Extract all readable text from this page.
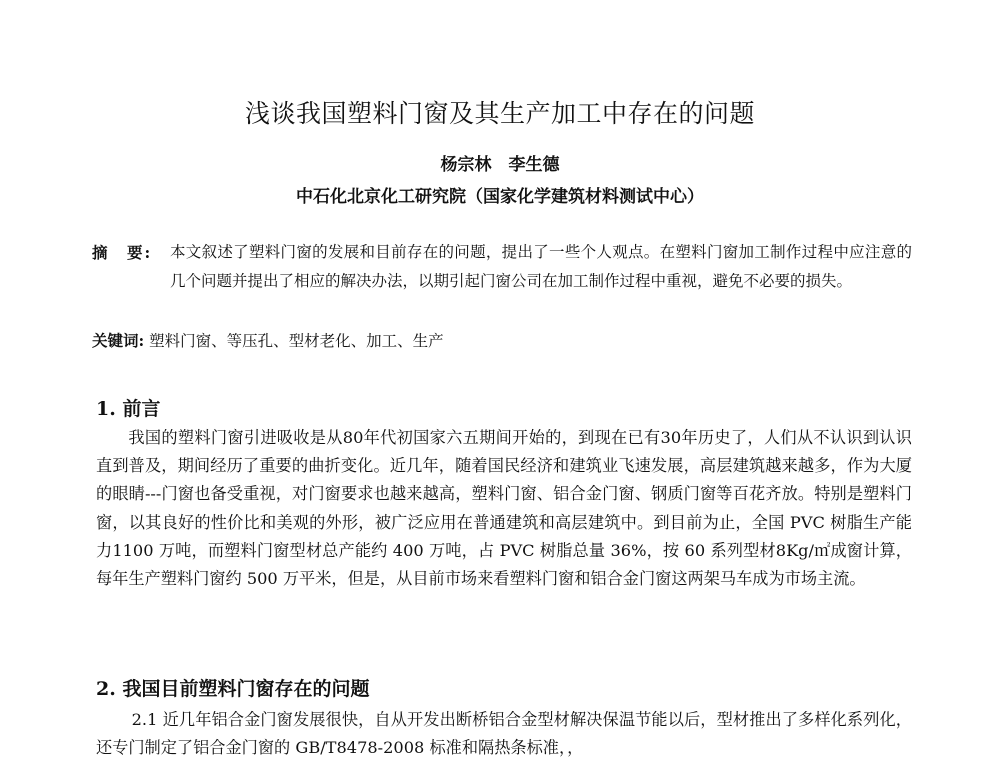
浅谈我国塑料门窗及其生产加工中存在的问题
杨宗林　李生德
中石化北京化工研究院（国家化学建筑材料测试中心）
摘　要: 本文叙述了塑料门窗的发展和目前存在的问题，提出了一些个人观点。在塑料门窗加工制作过程中应注意的几个问题并提出了相应的解决办法，以期引起门窗公司在加工制作过程中重视，避免不必要的损失。
关键词: 塑料门窗、等压孔、型材老化、加工、生产
1. 前言
我国的塑料门窗引进吸收是从80年代初国家六五期间开始的，到现在已有30年历史了，人们从不认识到认识直到普及，期间经历了重要的曲折变化。近几年，随着国民经济和建筑业飞速发展，高层建筑越来越多，作为大厦的眼睛---门窗也备受重视，对门窗要求也越来越高，塑料门窗、铝合金门窗、钢质门窗等百花齐放。特别是塑料门窗，以其良好的性价比和美观的外形，被广泛应用在普通建筑和高层建筑中。到目前为止，全国 PVC 树脂生产能力1100 万吨，而塑料门窗型材总产能约 400 万吨，占 PVC 树脂总量 36%，按 60 系列型材8Kg/㎡成窗计算，每年生产塑料门窗约 500 万平米，但是，从目前市场来看塑料门窗和铝合金门窗这两架马车成为市场主流。
2. 我国目前塑料门窗存在的问题
2.1 近几年铝合金门窗发展很快，自从开发出断桥铝合金型材解决保温节能以后，型材推出了多样化系列化，还专门制定了铝合金门窗的 GB/T8478-2008 标准和隔热条标准，，
